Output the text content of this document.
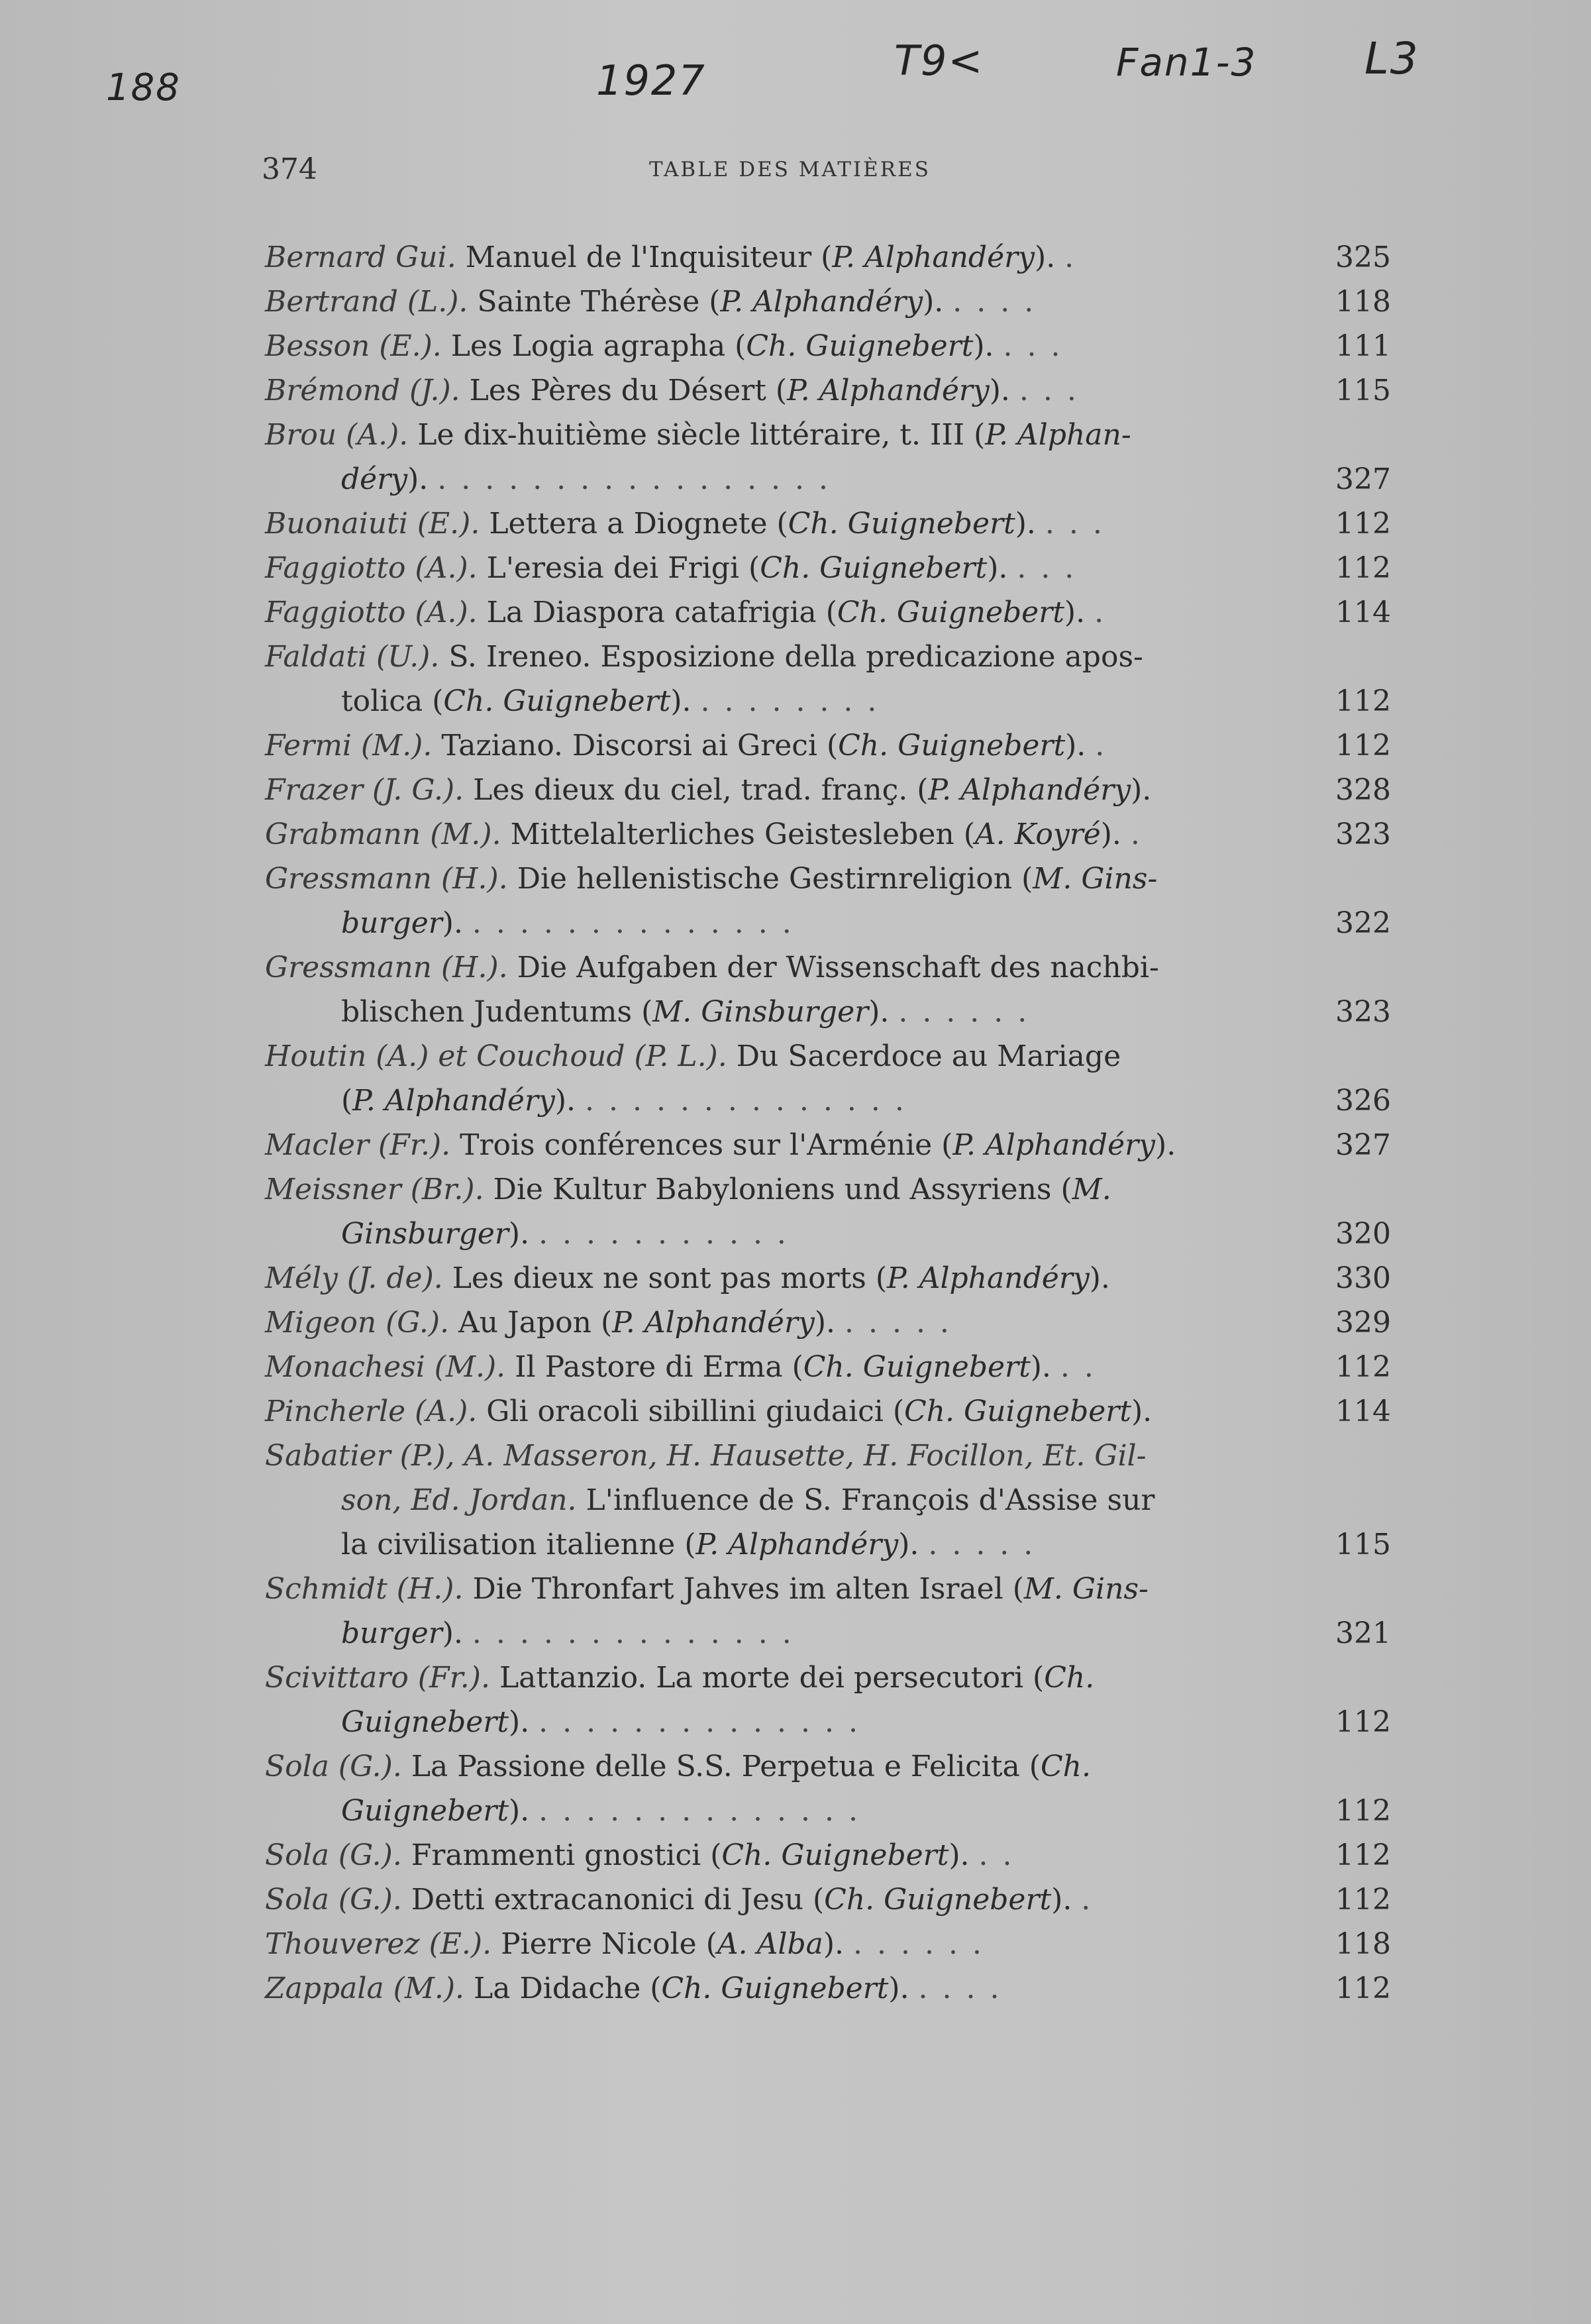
188	1927	T9<	Fan1-3 L3
374	TABLE DES MATIÈRES
Bernard Gui. Manuel de l'Inquisiteur (P. Alphandéry). .	325
Bertrand (L.). Sainte Thérèse (P. Alphandéry). ....	118
Besson (E.). Les Logia agrapha (Ch. Guignebert). ...	111
Brémond (J.). Les Pères du Désert (P. Alphandéry). ...	115
Brou (A.). Le dix-huitième siècle littéraire, t. III (P. Alphan-
déry). .................	327
Buonaiuti (E.). Lettera a Diognete (Ch. Guignebert). ...	112
Faggiotto (A.). L'eresia dei Frigi (Ch. Guignebert). ...	112
Faggiotto (A.). La Diaspora catafrigia (Ch. Guignebert). .	114
Faldati (U.). S. Ireneo. Esposizione della predicazione apos-
tolica (Ch. Guignebert). ........	112
Fermi (M.). Taziano. Discorsi ai Greci (Ch. Guignebert). .	112
Frazer (J. G.). Les dieux du ciel, trad. franç. (P. Alphandéry).	328
Grabmann (M.). Mittelalterliches Geistesleben (A. Koyré). .	323
Gressmann (H.). Die hellenistische Gestirnreligion (M. Gins-
burger). ..............	322
Gressmann (H.). Die Aufgaben der Wissenschaft des nachbi-
blischen Judentums (M. Ginsburger). ......	323
Houtin (A.) et Couchoud (P. L.). Du Sacerdoce au Mariage
(P. Alphandéry). ..............	326
Macler (Fr.). Trois conférences sur l'Arménie (P. Alphandéry).	327
Meissner (Br.). Die Kultur Babyloniens und Assyriens (M.
Ginsburger). ...........	320
Mély (J. de). Les dieux ne sont pas morts (P. Alphandéry).	330
Migeon (G.). Au Japon (P. Alphandéry). .....	329
Monachesi (M.). Il Pastore di Erma (Ch. Guignebert). ..	112
Pincherle (A.). Gli oracoli sibillini giudaici (Ch. Guignebert).	114
Sabatier (P.), A. Masseron, H. Hausette, H. Focillon, Et. Gil-
son, Ed. Jordan. L'influence de S. François d'Assise sur
la civilisation italienne (P. Alphandéry). .....	115
Schmidt (H.). Die Thronfart Jahves im alten Israel (M. Gins-
burger). ..............	321
Scivittaro (Fr.). Lattanzio. La morte dei persecutori (Ch.
Guignebert). ..............	112
Sola (G.). La Passione delle S.S. Perpetua e Felicita (Ch.
Guignebert). ..............	112
Sola (G.). Frammenti gnostici (Ch. Guignebert). ..	112
Sola (G.). Detti extracanonici di Jesu (Ch. Guignebert). .	112
Thouverez (E.). Pierre Nicole (A. Alba). ......	118
Zappala (M.). La Didache (Ch. Guignebert). ....	112
